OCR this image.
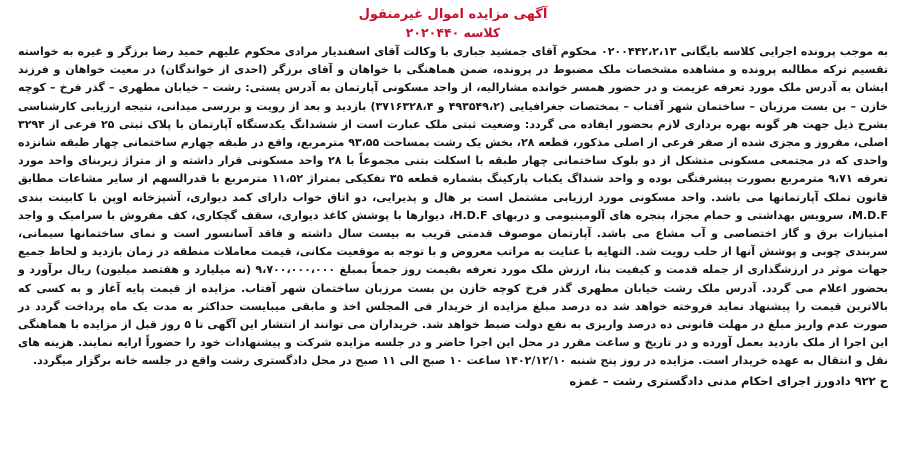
آگهی مزایده اموال غیرمنقول
کلاسه ۲۰۲۰۴۴۰

به موجب پرونده اجرایی کلاسه بایگانی ۰۲۰۰۴۴۲،۲،۱۳ محکوم آقای جمشید جباری با وکالت آقای اسفندیار مرادی محکوم علیهم حمید رضا برزگر و غیره به خواسته تقسیم ترکه مطالبه پرونده و مشاهده مشخصات ملک مضبوط در پرونده، ضمن هماهنگی با خواهان و آقای برزگر (احدی از خواندگان) در معیت خواهان و فرزند ایشان به آدرس ملک مورد تعرفه عزیمت و در حضور همسر خوانده مشارالیه، از واحد مسکونی آپارتمان به آدرس پستی: رشت – خیابان مطهری – گذر فرخ – کوچه خازن – بن بست مرزبان – ساختمان شهر آفتاب – بمختصات جغرافیایی (۴۹۳۵۴۹،۲ و ۳۷۱۶۳۲۸،۴) بازدید و بعد از رویت و بررسی میدانی، نتیجه ارزیابی کارشناسی بشرح ذیل جهت هر گونه بهره برداری لازم بحضور ایفاده می گردد: وضعیت ثبتی ملک عبارت است از ششدانگ یکدستگاه آپارتمان با پلاک ثبتی ۲۵ فرعی از ۳۲۹۴ اصلی، مفروز و مجزی شده از صفر فرعی از اصلی مذکور، قطعه ۲۸، بخش یک رشت بمساحت ۹۳،۵۵ مترمربع، واقع در طبقه چهارم ساختمانی چهار طبقه شانزده واحدی که در مجتمعی مسکونی متشکل از دو بلوک ساختمانی چهار طبقه با اسکلت بتنی مجموعاً با ۲۸ واحد مسکونی قرار داشته و از متراژ زیربنای واحد مورد تعرفه ۹،۷۱ مترمربع بصورت پیشرفتگی بوده و واحد شنداگ یکباب پارکینگ بشماره قطعه ۳۵ تفکیکی بمتراژ ۱۱،۵۲ مترمربع با قدرالسهم از سایر مشاعات مطابق قانون تملک آپارتمانها می باشد. واحد مسکونی مورد ارزیابی مشتمل است بر هال و پذیرایی، دو اتاق خواب دارای کمد دیواری، آشپزخانه اوپن با کابینت بندی M.D.F، سرویس بهداشتی و حمام مجزا، پنجره های آلومینیومی و دربهای H.D.F، دیوارها با پوشش کاغذ دیواری، سقف گچکاری، کف مفروش با سرامیک و واجد امتیازات برق و گاز اختصاصی و آب مشاع می باشد. آپارتمان موصوف قدمتی قریب به بیست سال داشته و فاقد آسانسور است و نمای ساختمانها سیمانی، سربندی چوبی و پوشش آنها از حلب رویت شد. التهایه با عنایت به مراتب معروض و با توجه به موقعیت مکانی، قیمت معاملات منطقه در زمان بازدید و لحاظ جمیع جهات موثر در ارزشگذاری از جمله قدمت و کیفیت بنا، ارزش ملک مورد تعرفه بقیمت روز جمعاً بمبلغ ۹،۷۰۰،۰۰۰،۰۰۰ (نه میلیارد و هفتصد میلیون) ریال برآورد و بحضور اعلام می گردد. آدرس ملک رشت خیابان مطهری گذر فرخ کوچه خازن بن بست مرزبان ساختمان شهر آفتاب. مزایده از قیمت پایه آغاز و به کسی که بالاترین قیمت را پیشنهاد نماید فروخته خواهد شد ده درصد مبلغ مزایده از خریدار فی المجلس اخذ و مابقی میبایست حداکثر به مدت یک ماه پرداخت گردد در صورت عدم واریز مبلغ در مهلت قانونی ده درصد واریزی به نفع دولت ضبط خواهد شد. خریداران می توانند از انتشار این آگهی تا ۵ روز قبل از مزایده با هماهنگی این اجرا از ملک بازدید بعمل آورده و در تاریخ و ساعت مقرر در محل این اجرا حاضر و در جلسه مزایده شرکت و پیشنهادات خود را حضوراً ارایه نمایند. هزینه های نقل و انتقال به عهده خریدار است. مزایده در روز پنج شنبه ۱۴۰۲/۱۲/۱۰ ساعت ۱۰ صبح الی ۱۱ صبح در محل دادگستری رشت واقع در جلسه خانه برگزار میگردد.

ح ۹۲۲ دادورز اجرای احکام مدنی دادگستری رشت – غمزه
